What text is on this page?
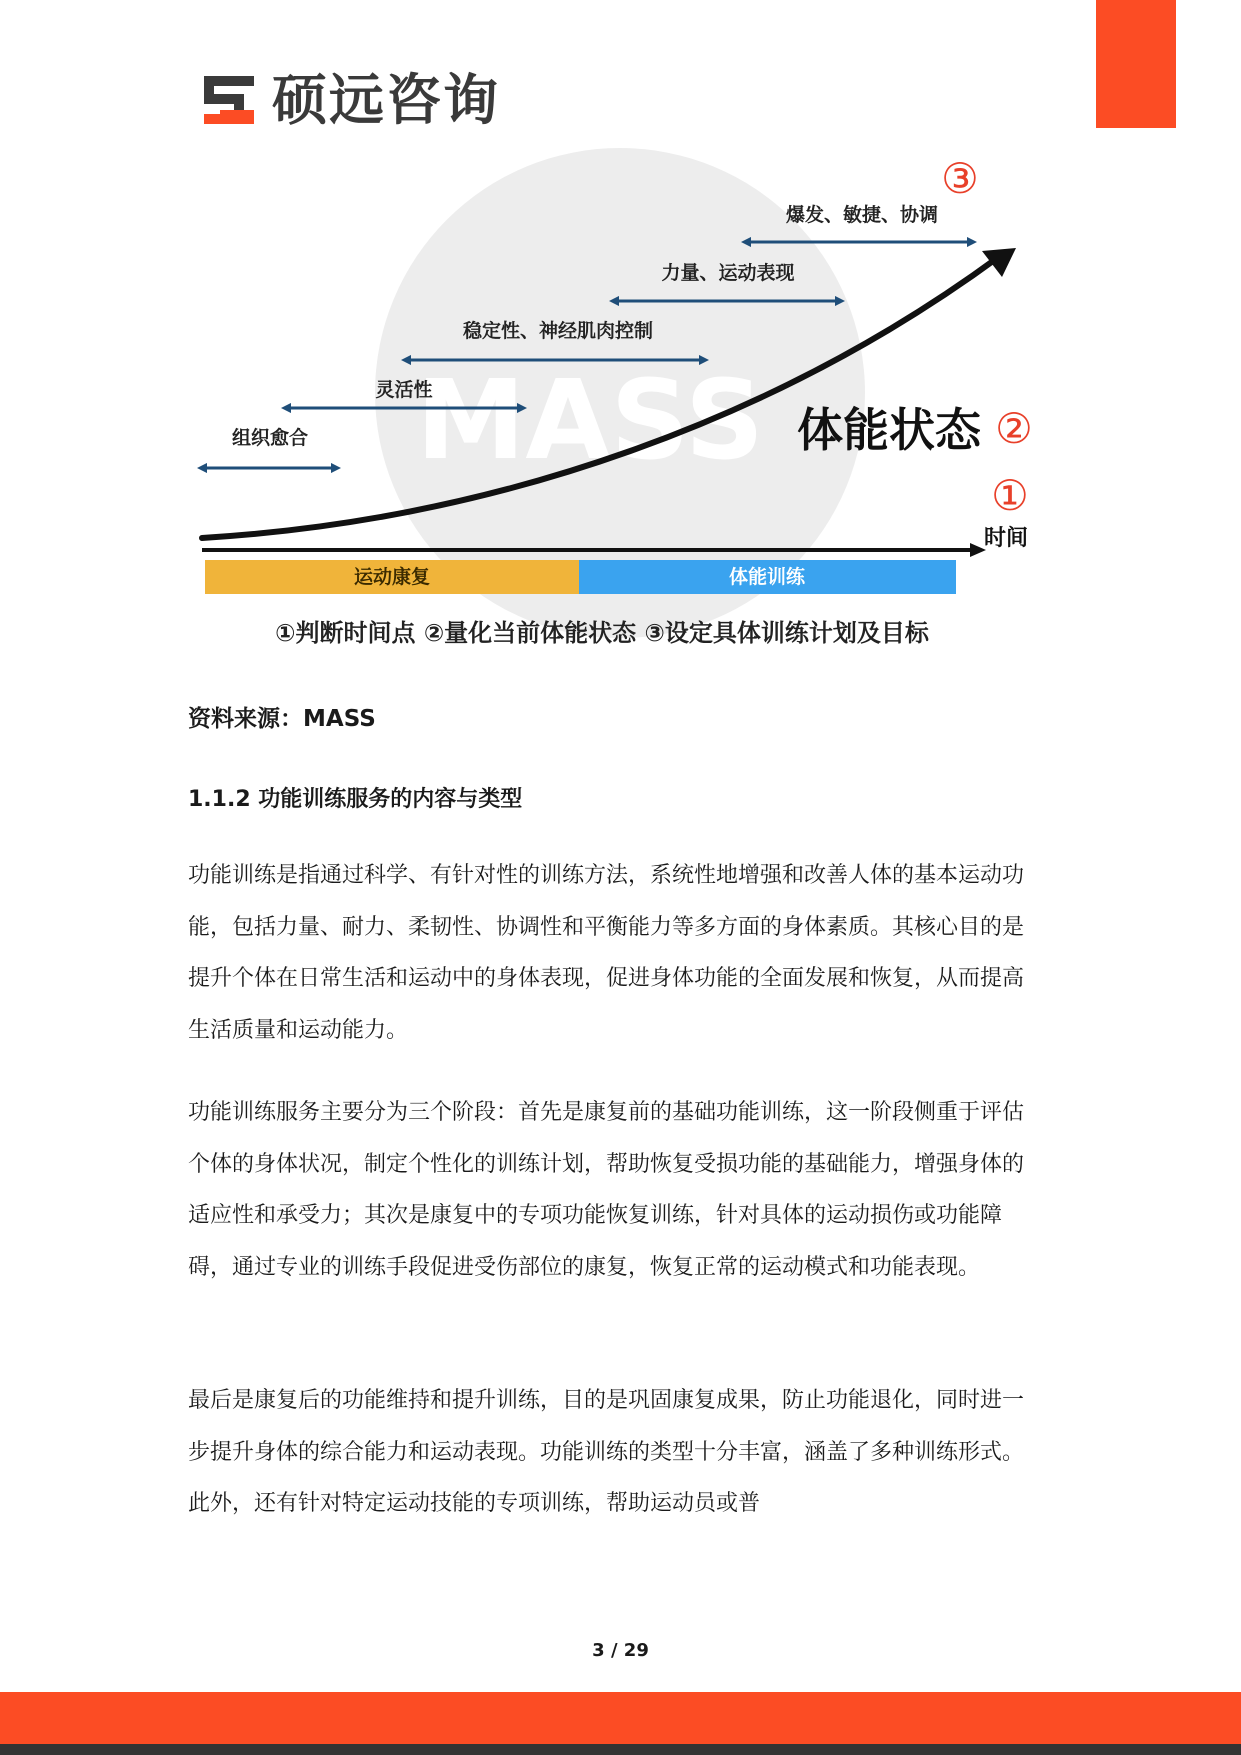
硕远咨询
MASS
组织愈合
灵活性
稳定性、神经肌肉控制
力量、运动表现
爆发、敏捷、协调
③
②
①
体能状态
时间
运动康复	体能训练
①判断时间点 ②量化当前体能状态 ③设定具体训练计划及目标
资料来源：MASS
1.1.2 功能训练服务的内容与类型

功能训练是指通过科学、有针对性的训练方法，系统性地增强和改善人体的基本运动功能，包括力量、耐力、柔韧性、协调性和平衡能力等多方面的身体素质。其核心目的是提升个体在日常生活和运动中的身体表现，促进身体功能的全面发展和恢复，从而提高生活质量和运动能力。

功能训练服务主要分为三个阶段：首先是康复前的基础功能训练，这一阶段侧重于评估个体的身体状况，制定个性化的训练计划，帮助恢复受损功能的基础能力，增强身体的适应性和承受力；其次是康复中的专项功能恢复训练，针对具体的运动损伤或功能障碍，通过专业的训练手段促进受伤部位的康复，恢复正常的运动模式和功能表现。

最后是康复后的功能维持和提升训练，目的是巩固康复成果，防止功能退化，同时进一步提升身体的综合能力和运动表现。功能训练的类型十分丰富，涵盖了多种训练形式。此外，还有针对特定运动技能的专项训练，帮助运动员或普

3 / 29
